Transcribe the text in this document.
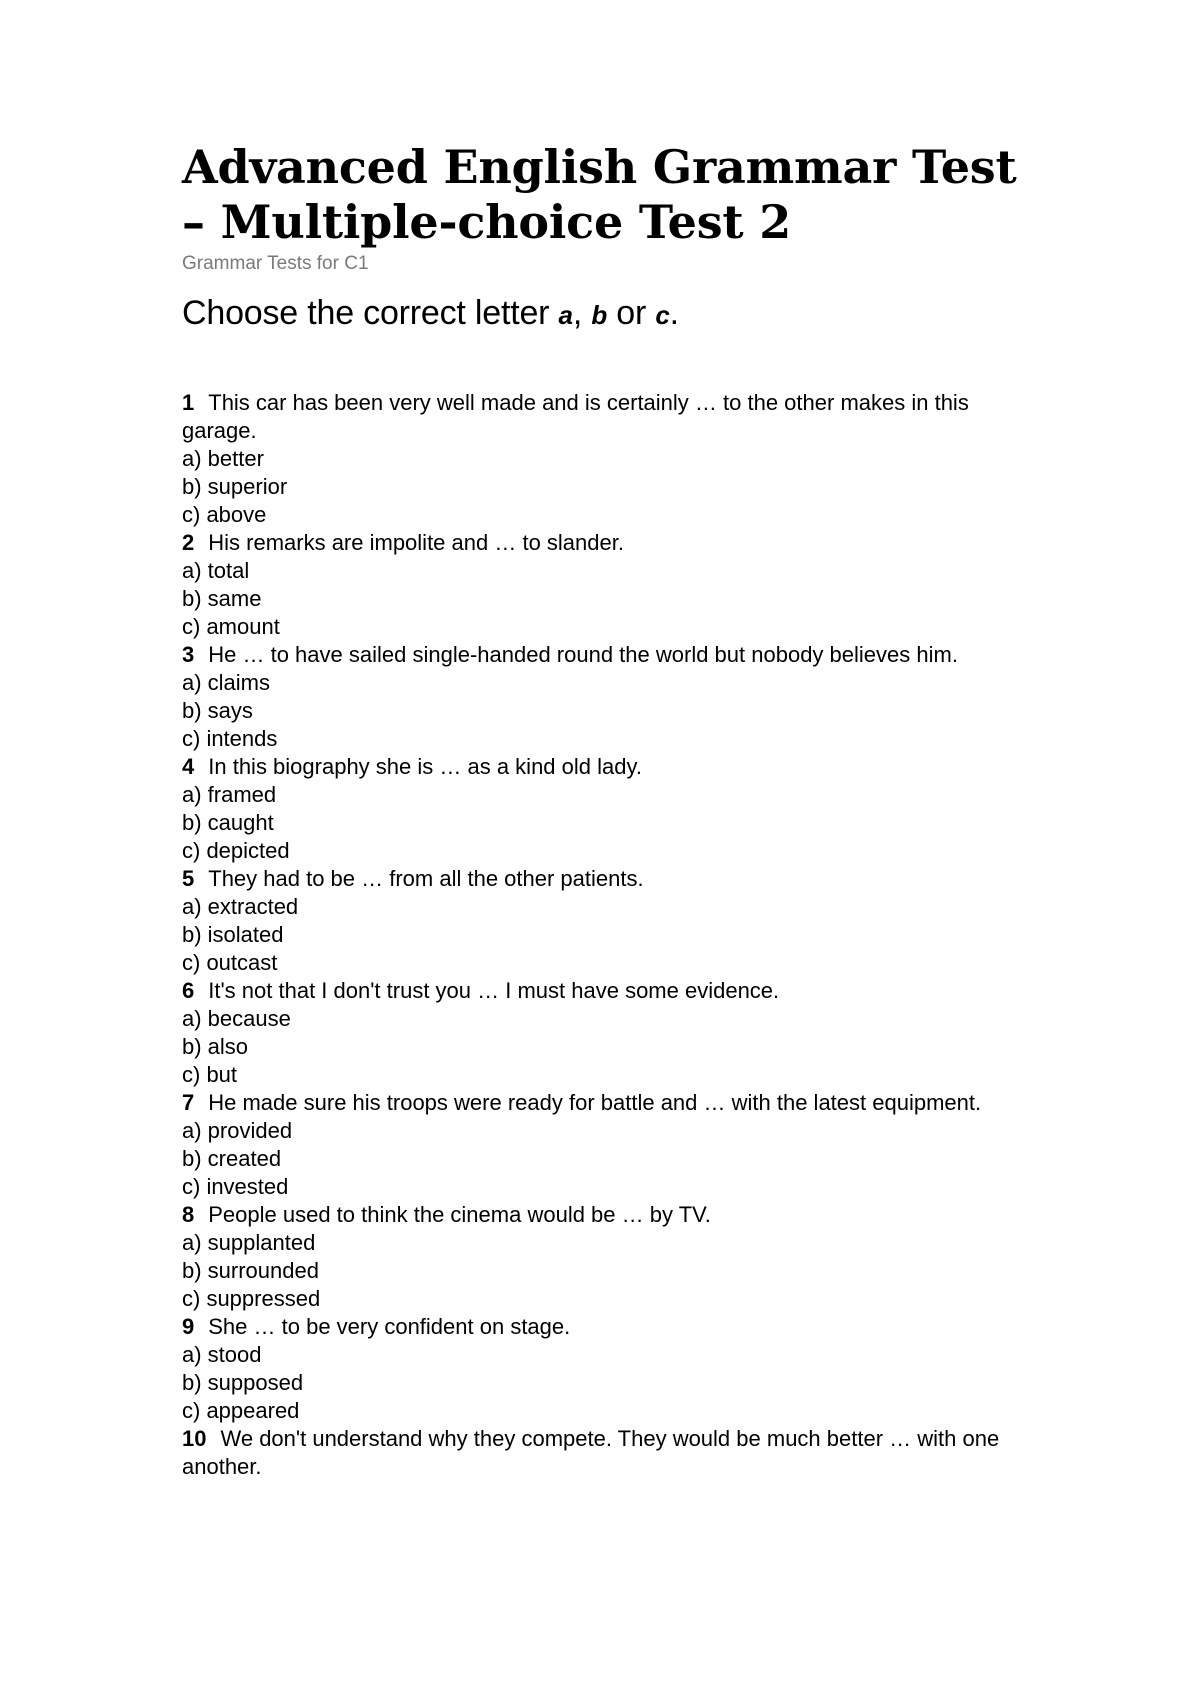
Advanced English Grammar Test
– Multiple-choice Test 2
Grammar Tests for C1
Choose the correct letter a, b or c.
1 This car has been very well made and is certainly … to the other makes in this garage.
a) better
b) superior
c) above
2 His remarks are impolite and … to slander.
a) total
b) same
c) amount
3 He … to have sailed single-handed round the world but nobody believes him.
a) claims
b) says
c) intends
4 In this biography she is … as a kind old lady.
a) framed
b) caught
c) depicted
5 They had to be … from all the other patients.
a) extracted
b) isolated
c) outcast
6 It's not that I don't trust you … I must have some evidence.
a) because
b) also
c) but
7 He made sure his troops were ready for battle and … with the latest equipment.
a) provided
b) created
c) invested
8 People used to think the cinema would be … by TV.
a) supplanted
b) surrounded
c) suppressed
9 She … to be very confident on stage.
a) stood
b) supposed
c) appeared
10 We don't understand why they compete. They would be much better … with one another.
